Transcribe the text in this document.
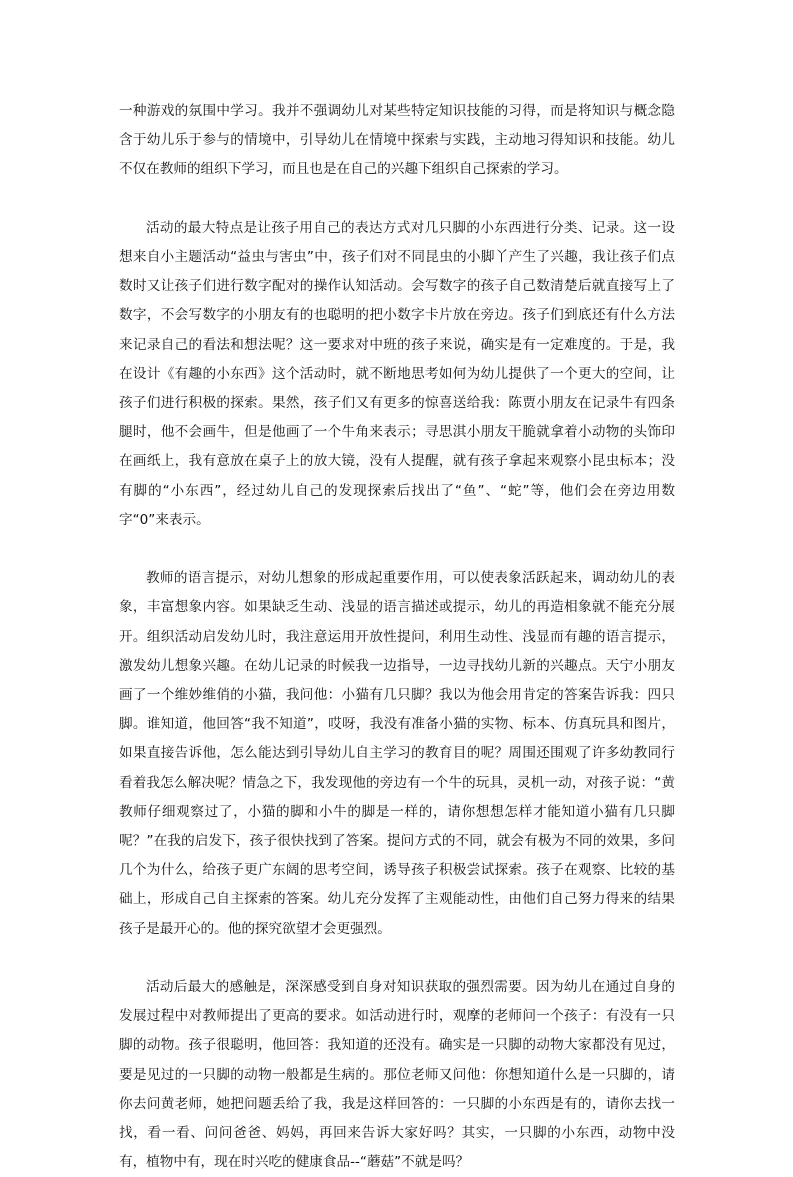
一种游戏的氛围中学习。我并不强调幼儿对某些特定知识技能的习得，而是将知识与概念隐含于幼儿乐于参与的情境中，引导幼儿在情境中探索与实践，主动地习得知识和技能。幼儿不仅在教师的组织下学习，而且也是在自己的兴趣下组织自己探索的学习。

活动的最大特点是让孩子用自己的表达方式对几只脚的小东西进行分类、记录。这一设想来自小主题活动“益虫与害虫”中，孩子们对不同昆虫的小脚丫产生了兴趣，我让孩子们点数时又让孩子们进行数字配对的操作认知活动。会写数字的孩子自己数清楚后就直接写上了数字，不会写数字的小朋友有的也聪明的把小数字卡片放在旁边。孩子们到底还有什么方法来记录自己的看法和想法呢？这一要求对中班的孩子来说，确实是有一定难度的。于是，我在设计《有趣的小东西》这个活动时，就不断地思考如何为幼儿提供了一个更大的空间，让孩子们进行积极的探索。果然，孩子们又有更多的惊喜送给我：陈贾小朋友在记录牛有四条腿时，他不会画牛，但是他画了一个牛角来表示；寻思淇小朋友干脆就拿着小动物的头饰印在画纸上，我有意放在桌子上的放大镜，没有人提醒，就有孩子拿起来观察小昆虫标本；没有脚的“小东西”，经过幼儿自己的发现探索后找出了“鱼”、“蛇”等，他们会在旁边用数字“0”来表示。

教师的语言提示，对幼儿想象的形成起重要作用，可以使表象活跃起来，调动幼儿的表象，丰富想象内容。如果缺乏生动、浅显的语言描述或提示，幼儿的再造相象就不能充分展开。组织活动启发幼儿时，我注意运用开放性提问，利用生动性、浅显而有趣的语言提示，激发幼儿想象兴趣。在幼儿记录的时候我一边指导，一边寻找幼儿新的兴趣点。天宁小朋友画了一个维妙维俏的小猫，我问他：小猫有几只脚？我以为他会用肯定的答案告诉我：四只脚。谁知道，他回答“我不知道”，哎呀，我没有准备小猫的实物、标本、仿真玩具和图片，如果直接告诉他，怎么能达到引导幼儿自主学习的教育目的呢？周围还围观了许多幼教同行看着我怎么解决呢？情急之下，我发现他的旁边有一个牛的玩具，灵机一动，对孩子说：“黄教师仔细观察过了，小猫的脚和小牛的脚是一样的，请你想想怎样才能知道小猫有几只脚呢？”在我的启发下，孩子很快找到了答案。提问方式的不同，就会有极为不同的效果，多问几个为什么，给孩子更广东阔的思考空间，诱导孩子积极尝试探索。孩子在观察、比较的基础上，形成自己自主探索的答案。幼儿充分发挥了主观能动性，由他们自己努力得来的结果孩子是最开心的。他的探究欲望才会更强烈。

活动后最大的感触是，深深感受到自身对知识获取的强烈需要。因为幼儿在通过自身的发展过程中对教师提出了更高的要求。如活动进行时，观摩的老师问一个孩子：有没有一只脚的动物。孩子很聪明，他回答：我知道的还没有。确实是一只脚的动物大家都没有见过，要是见过的一只脚的动物一般都是生病的。那位老师又问他：你想知道什么是一只脚的，请你去问黄老师，她把问题丢给了我，我是这样回答的：一只脚的小东西是有的，请你去找一找，看一看、问问爸爸、妈妈，再回来告诉大家好吗？其实，一只脚的小东西，动物中没有，植物中有，现在时兴吃的健康食品--“蘑菇”不就是吗？
